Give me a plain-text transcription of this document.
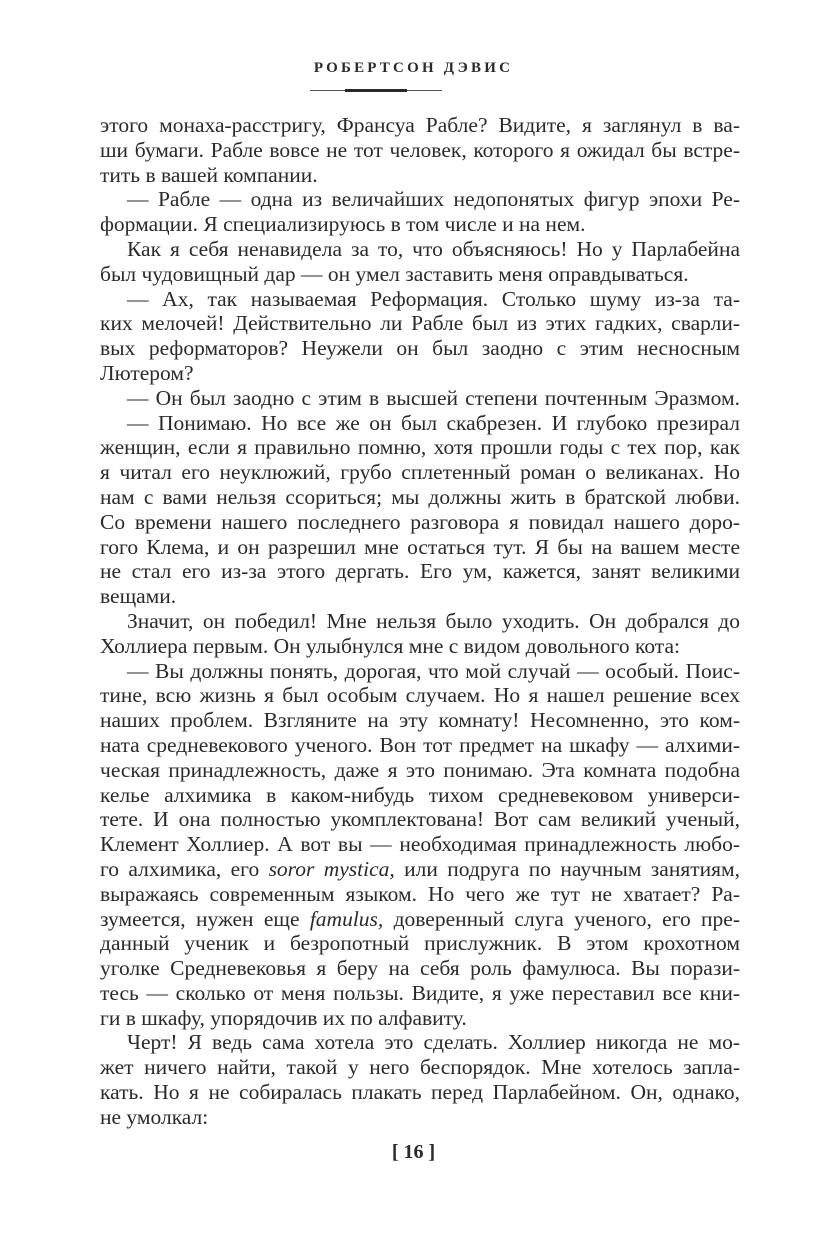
РОБЕРТСОН ДЭВИС
этого монаха-расстригу, Франсуа Рабле? Видите, я заглянул в ва-
ши бумаги. Рабле вовсе не тот человек, которого я ожидал бы встре-
тить в вашей компании.
— Рабле — одна из величайших недопонятых фигур эпохи Ре-
формации. Я специализируюсь в том числе и на нем.
Как я себя ненавидела за то, что объясняюсь! Но у Парлабейна
был чудовищный дар — он умел заставить меня оправдываться.
— Ах, так называемая Реформация. Столько шуму из-за та-
ких мелочей! Действительно ли Рабле был из этих гадких, сварли-
вых реформаторов? Неужели он был заодно с этим несносным
Лютером?
— Он был заодно с этим в высшей степени почтенным Эразмом.
— Понимаю. Но все же он был скабрезен. И глубоко презирал
женщин, если я правильно помню, хотя прошли годы с тех пор, как
я читал его неуклюжий, грубо сплетенный роман о великанах. Но
нам с вами нельзя ссориться; мы должны жить в братской любви.
Со времени нашего последнего разговора я повидал нашего доро-
гого Клема, и он разрешил мне остаться тут. Я бы на вашем месте
не стал его из-за этого дергать. Его ум, кажется, занят великими
вещами.
Значит, он победил! Мне нельзя было уходить. Он добрался до
Холлиера первым. Он улыбнулся мне с видом довольного кота:
— Вы должны понять, дорогая, что мой случай — особый. Поис-
тине, всю жизнь я был особым случаем. Но я нашел решение всех
наших проблем. Взгляните на эту комнату! Несомненно, это ком-
ната средневекового ученого. Вон тот предмет на шкафу — алхими-
ческая принадлежность, даже я это понимаю. Эта комната подобна
келье алхимика в каком-нибудь тихом средневековом универси-
тете. И она полностью укомплектована! Вот сам великий ученый,
Клемент Холлиер. А вот вы — необходимая принадлежность любо-
го алхимика, его soror mystica, или подруга по научным занятиям,
выражаясь современным языком. Но чего же тут не хватает? Ра-
зумеется, нужен еще famulus, доверенный слуга ученого, его пре-
данный ученик и безропотный прислужник. В этом крохотном
уголке Средневековья я беру на себя роль фамулюса. Вы порази-
тесь — сколько от меня пользы. Видите, я уже переставил все кни-
ги в шкафу, упорядочив их по алфавиту.
Черт! Я ведь сама хотела это сделать. Холлиер никогда не мо-
жет ничего найти, такой у него беспорядок. Мне хотелось запла-
кать. Но я не собиралась плакать перед Парлабейном. Он, однако,
не умолкал:
[ 16 ]
